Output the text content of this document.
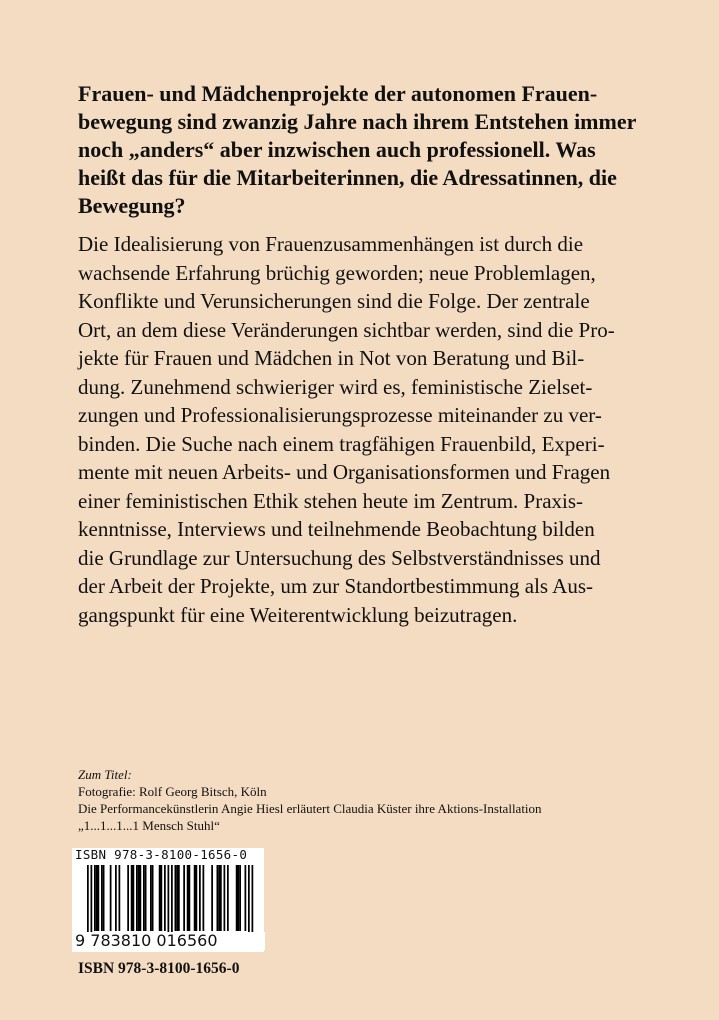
Frauen- und Mädchenprojekte der autonomen Frauen-
bewegung sind zwanzig Jahre nach ihrem Entstehen immer
noch „anders“ aber inzwischen auch professionell. Was
heißt das für die Mitarbeiterinnen, die Adressatinnen, die
Bewegung?
Die Idealisierung von Frauenzusammenhängen ist durch die
wachsende Erfahrung brüchig geworden; neue Problemlagen,
Konflikte und Verunsicherungen sind die Folge. Der zentrale
Ort, an dem diese Veränderungen sichtbar werden, sind die Pro-
jekte für Frauen und Mädchen in Not von Beratung und Bil-
dung. Zunehmend schwieriger wird es, feministische Zielset-
zungen und Professionalisierungsprozesse miteinander zu ver-
binden. Die Suche nach einem tragfähigen Frauenbild, Experi-
mente mit neuen Arbeits- und Organisationsformen und Fragen
einer feministischen Ethik stehen heute im Zentrum. Praxis-
kenntnisse, Interviews und teilnehmende Beobachtung bilden
die Grundlage zur Untersuchung des Selbstverständnisses und
der Arbeit der Projekte, um zur Standortbestimmung als Aus-
gangspunkt für eine Weiterentwicklung beizutragen.
Zum Titel:
Fotografie: Rolf Georg Bitsch, Köln
Die Performancekünstlerin Angie Hiesl erläutert Claudia Küster ihre Aktions-Installation
„1...1...1...1 Mensch Stuhl“
ISBN 978-3-8100-1656-0
9 783810 016560
ISBN 978-3-8100-1656-0
